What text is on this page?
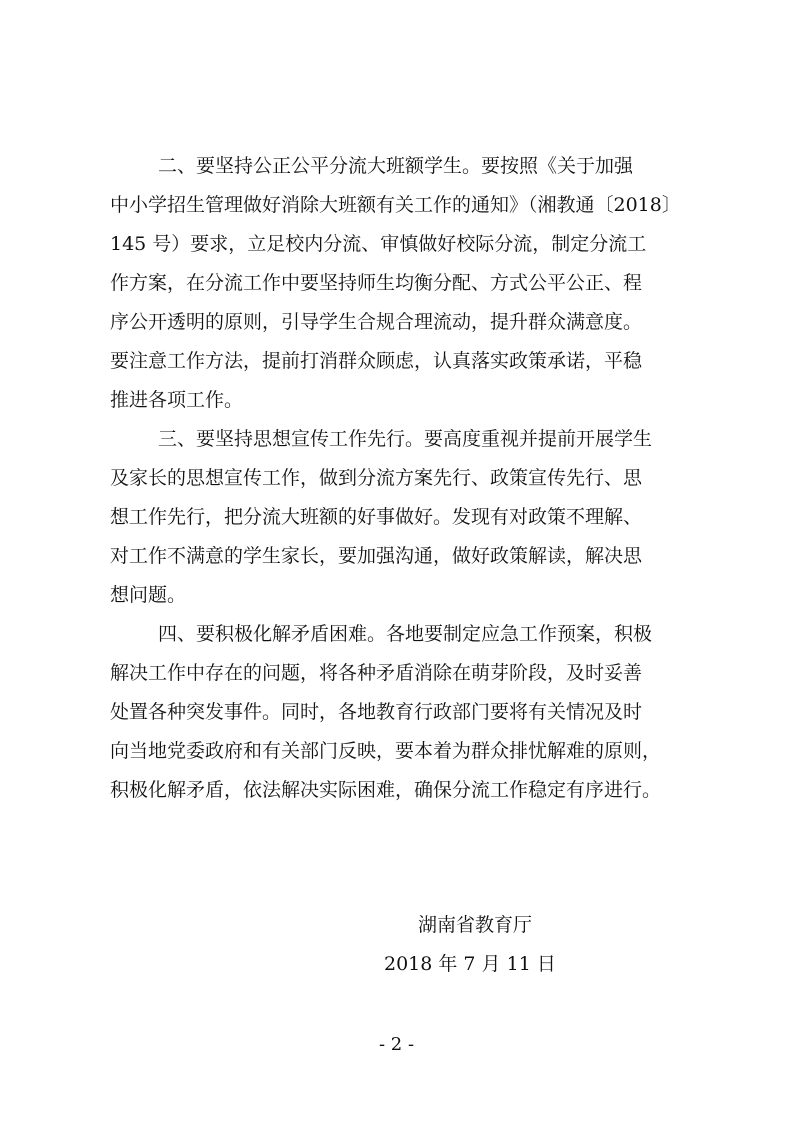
二、要坚持公正公平分流大班额学生。要按照《关于加强
中小学招生管理做好消除大班额有关工作的通知》（湘教通〔2018〕
145 号）要求，立足校内分流、审慎做好校际分流，制定分流工
作方案，在分流工作中要坚持师生均衡分配、方式公平公正、程
序公开透明的原则，引导学生合规合理流动，提升群众满意度。
要注意工作方法，提前打消群众顾虑，认真落实政策承诺，平稳
推进各项工作。
三、要坚持思想宣传工作先行。要高度重视并提前开展学生
及家长的思想宣传工作，做到分流方案先行、政策宣传先行、思
想工作先行，把分流大班额的好事做好。发现有对政策不理解、
对工作不满意的学生家长，要加强沟通，做好政策解读，解决思
想问题。
四、要积极化解矛盾困难。各地要制定应急工作预案，积极
解决工作中存在的问题，将各种矛盾消除在萌芽阶段，及时妥善
处置各种突发事件。同时，各地教育行政部门要将有关情况及时
向当地党委政府和有关部门反映，要本着为群众排忧解难的原则，
积极化解矛盾，依法解决实际困难，确保分流工作稳定有序进行。
湖南省教育厅
2018 年 7 月 11 日
- 2 -
